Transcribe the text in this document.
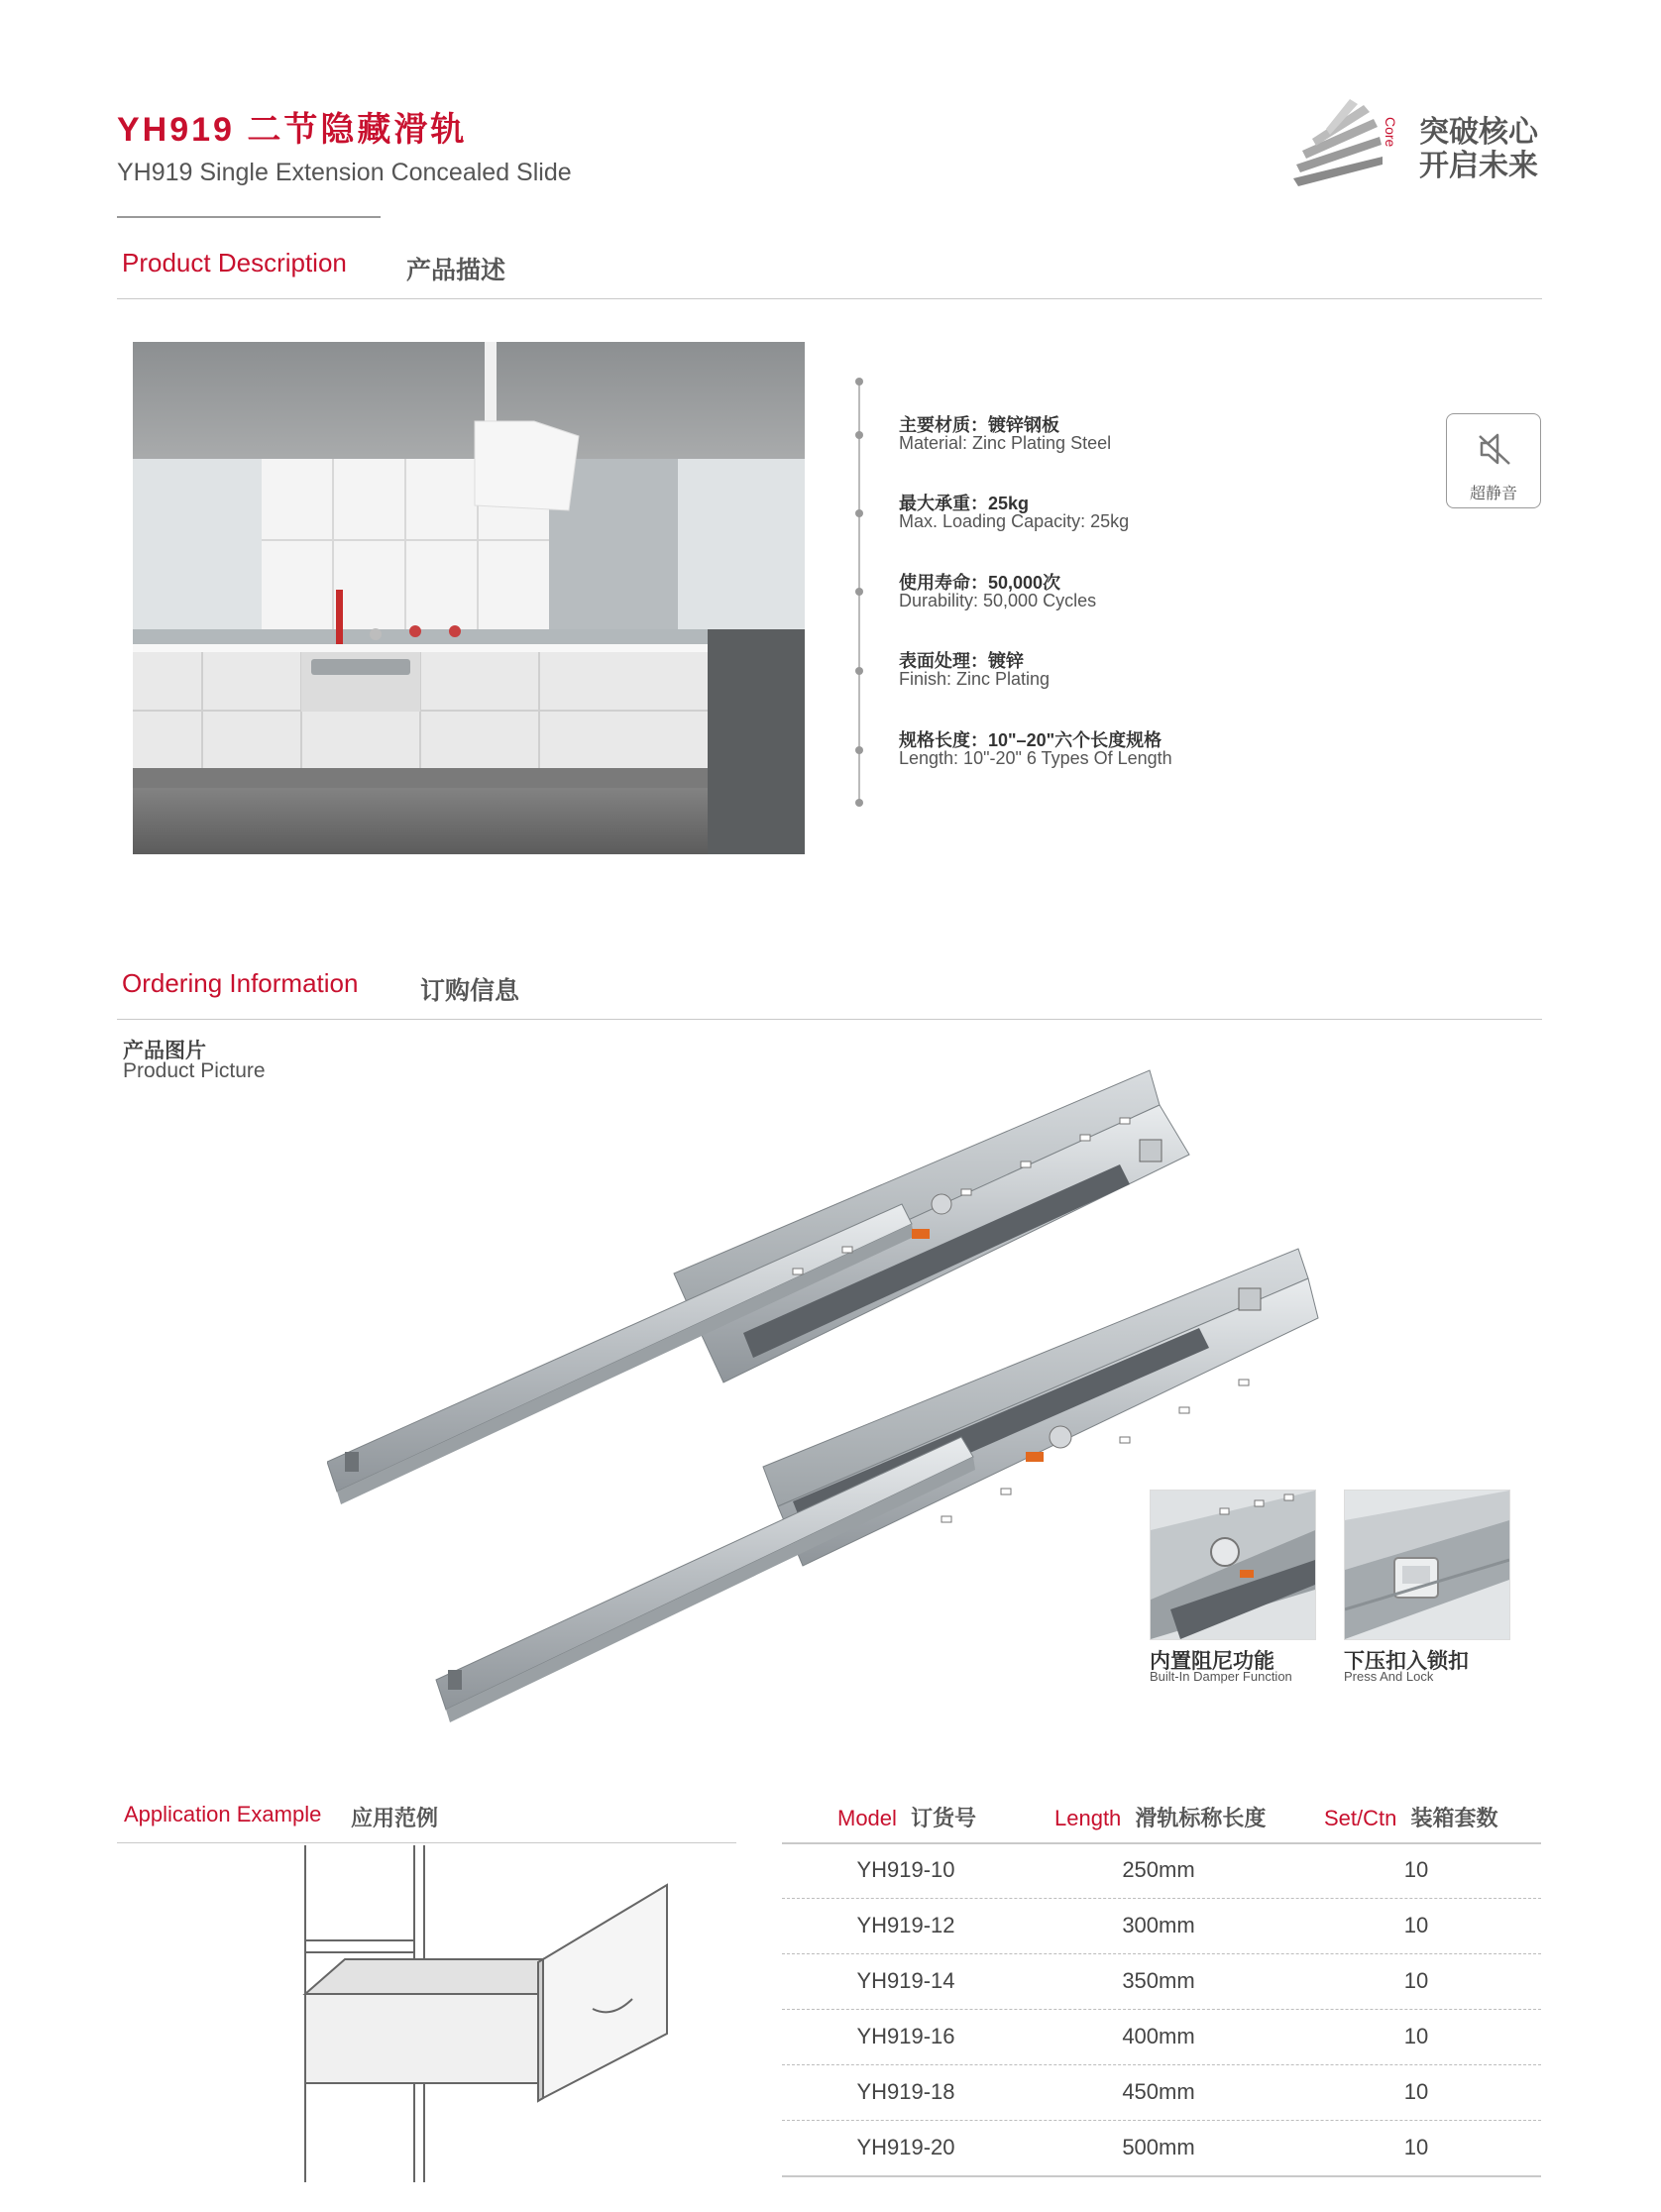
YH919 二节隐藏滑轨
YH919 Single Extension Concealed Slide
Core 突破核心
开启未来
Product Description 产品描述
主要材质：镀锌钢板
Material: Zinc Plating Steel
最大承重：25kg
Max. Loading Capacity: 25kg
使用寿命：50,000次
Durability: 50,000 Cycles
表面处理：镀锌
Finish: Zinc Plating
规格长度：10"–20"六个长度规格
Length: 10"-20" 6 Types Of Length
超静音
Ordering Information	订购信息
产品图片
Product Picture
内置阻尼功能
Built-In Damper Function
下压扣入锁扣
Press And Lock
Application Example 应用范例	Model 订货号	Length 滑轨标称长度	Set/Ctn 装箱套数
YH919-10	250mm	10
YH919-12	300mm	10
YH919-14	350mm	10
YH919-16	400mm	10
YH919-18	450mm	10
YH919-20	500mm	10
